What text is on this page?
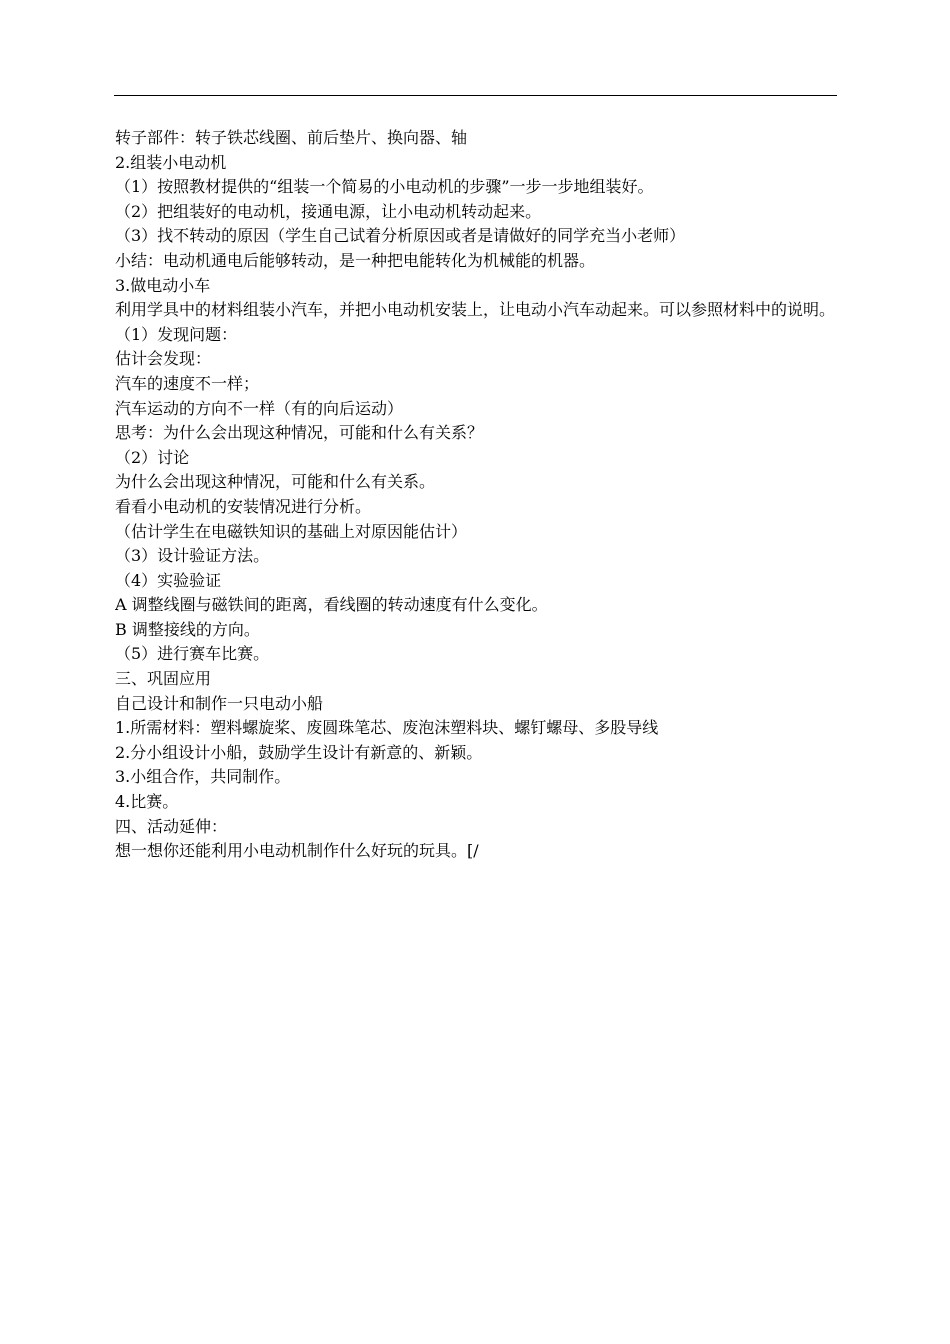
转子部件：转子铁芯线圈、前后垫片、换向器、轴
2.组装小电动机
（1）按照教材提供的“组装一个简易的小电动机的步骤”一步一步地组装好。
（2）把组装好的电动机，接通电源，让小电动机转动起来。
（3）找不转动的原因（学生自己试着分析原因或者是请做好的同学充当小老师）
小结：电动机通电后能够转动，是一种把电能转化为机械能的机器。
3.做电动小车
利用学具中的材料组装小汽车，并把小电动机安装上，让电动小汽车动起来。可以参照材料中的说明。
（1）发现问题：
估计会发现：
汽车的速度不一样；
汽车运动的方向不一样（有的向后运动）
思考：为什么会出现这种情况，可能和什么有关系？
（2）讨论
为什么会出现这种情况，可能和什么有关系。
看看小电动机的安装情况进行分析。
（估计学生在电磁铁知识的基础上对原因能估计）
（3）设计验证方法。
（4）实验验证
A 调整线圈与磁铁间的距离，看线圈的转动速度有什么变化。
B 调整接线的方向。
（5）进行赛车比赛。
三、巩固应用
自己设计和制作一只电动小船
1.所需材料：塑料螺旋桨、废圆珠笔芯、废泡沫塑料块、螺钉螺母、多股导线
2.分小组设计小船，鼓励学生设计有新意的、新颖。
3.小组合作，共同制作。
4.比赛。
四、活动延伸：
想一想你还能利用小电动机制作什么好玩的玩具。[/
